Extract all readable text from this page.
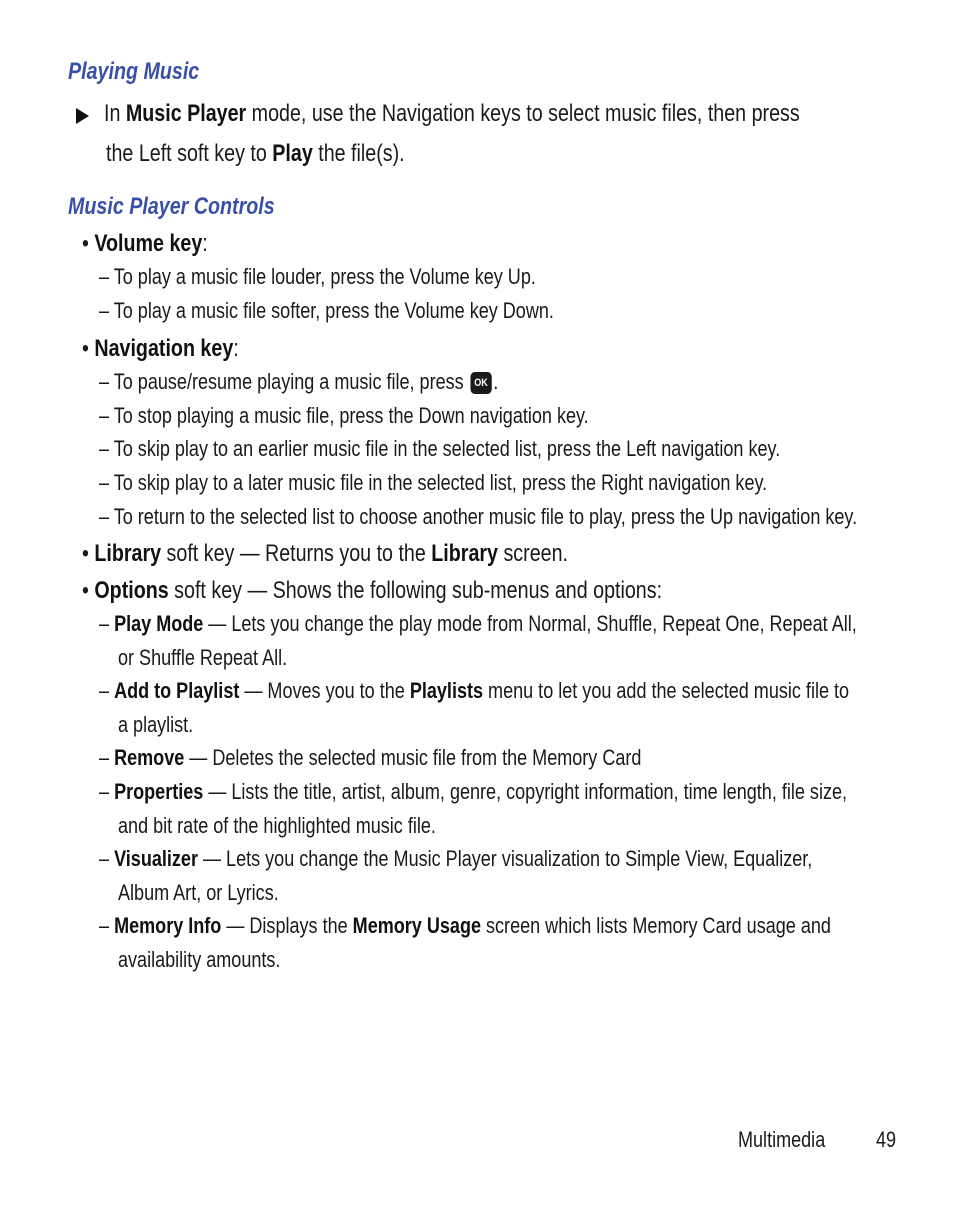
Playing Music
In Music Player mode, use the Navigation keys to select music files, then press
the Left soft key to Play the file(s).
Music Player Controls
• Volume key:
– To play a music file louder, press the Volume key Up.
– To play a music file softer, press the Volume key Down.
• Navigation key:
– To pause/resume playing a music file, press OK .
– To stop playing a music file, press the Down navigation key.
– To skip play to an earlier music file in the selected list, press the Left navigation key.
– To skip play to a later music file in the selected list, press the Right navigation key.
– To return to the selected list to choose another music file to play, press the Up navigation key.
• Library soft key — Returns you to the Library screen.
• Options soft key — Shows the following sub-menus and options:
– Play Mode — Lets you change the play mode from Normal, Shuffle, Repeat One, Repeat All,
or Shuffle Repeat All.
– Add to Playlist — Moves you to the Playlists menu to let you add the selected music file to
a playlist.
– Remove — Deletes the selected music file from the Memory Card
– Properties — Lists the title, artist, album, genre, copyright information, time length, file size,
and bit rate of the highlighted music file.
– Visualizer — Lets you change the Music Player visualization to Simple View, Equalizer,
Album Art, or Lyrics.
– Memory Info — Displays the Memory Usage screen which lists Memory Card usage and
availability amounts.
Multimedia	49
